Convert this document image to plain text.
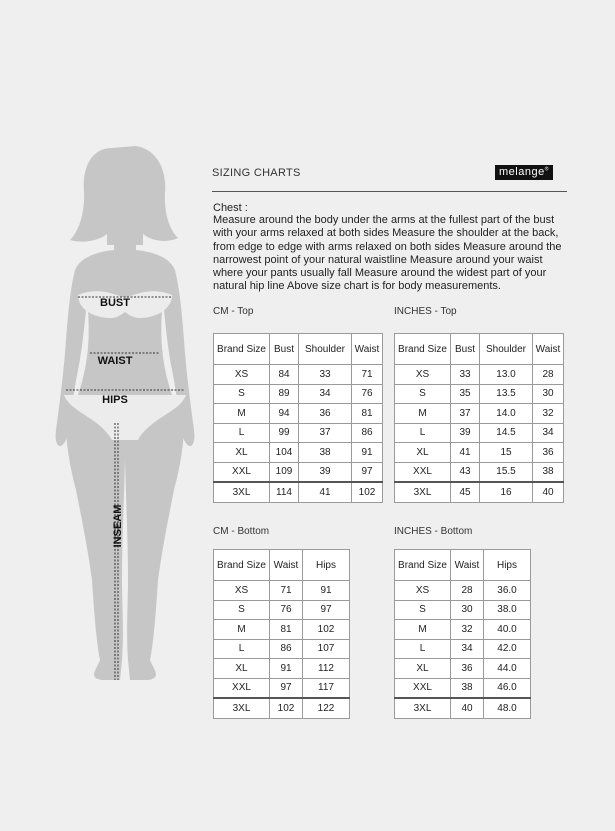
BUST
WAIST
HIPS
INSEAM
SIZING CHARTS	melange®
Chest :
Measure around the body under the arms at the fullest part of the bust with your arms relaxed at both sides Measure the shoulder at the back, from edge to edge with arms relaxed on both sides Measure around the narrowest point of your natural waistline Measure around your waist where your pants usually fall Measure around the widest part of your natural hip line Above size chart is for body measurements.
CM - Top	INCHES - Top
CM - Bottom	INCHES - Bottom
Brand Size	Bust	Shoulder	Waist
XS	84	33	71
S	89	34	76
M	94	36	81
L	99	37	86
XL	104	38	91
XXL	109	39	97
3XL	114	41	102
Brand Size	Bust	Shoulder	Waist
XS	33	13.0	28
S	35	13.5	30
M	37	14.0	32
L	39	14.5	34
XL	41	15	36
XXL	43	15.5	38
3XL	45	16	40
Brand Size	Waist	Hips
XS	71	91
S	76	97
M	81	102
L	86	107
XL	91	112
XXL	97	117
3XL	102	122
Brand Size	Waist	Hips
XS	28	36.0
S	30	38.0
M	32	40.0
L	34	42.0
XL	36	44.0
XXL	38	46.0
3XL	40	48.0
